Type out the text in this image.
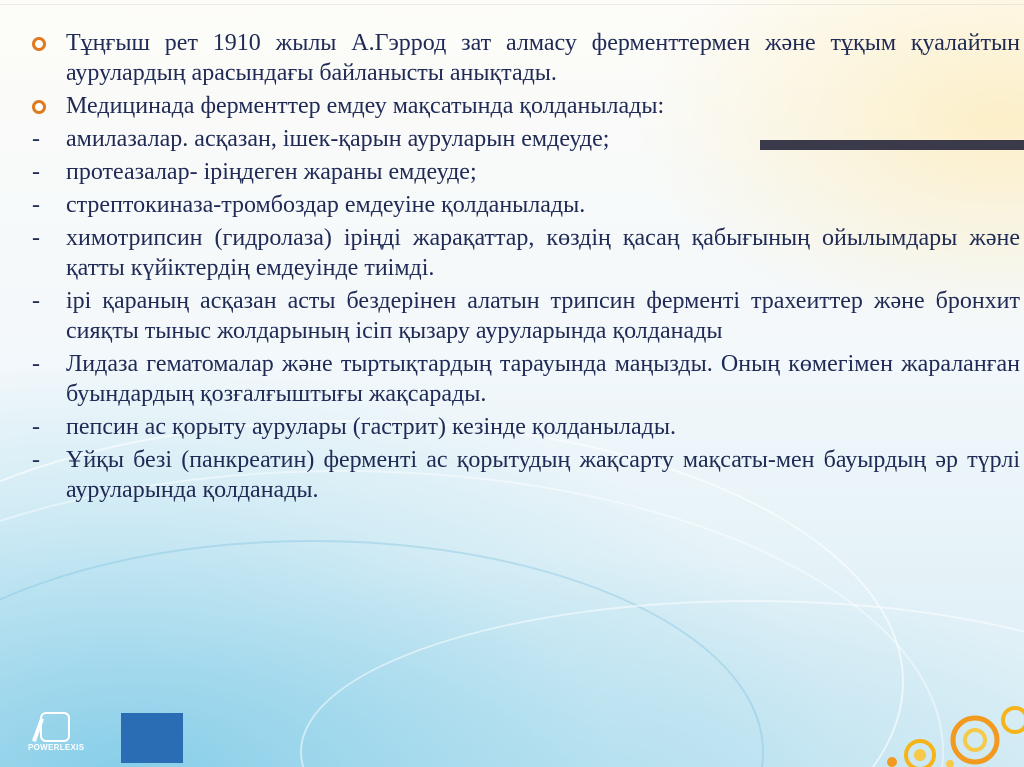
Тұңғыш рет 1910 жылы А.Гэррод зат алмасу ферменттермен және тұқым қуалайтын аурулардың арасындағы байланысты анықтады.
Медицинада ферменттер емдеу мақсатында қолданылады:
- амилазалар. асқазан, ішек-қарын ауруларын емдеуде;
- протеазалар- іріңдеген жараны емдеуде;
- стрептокиназа-тромбоздар емдеуіне қолданылады.
- химотрипсин (гидролаза) іріңді жарақаттар, көздің қасаң қабығының ойылымдары және қатты күйіктердің емдеуінде тиімді.
- ірі қараның асқазан асты бездерінен алатын трипсин ферменті трахеиттер және бронхит сияқты тыныс жолдарының ісіп қызару ауруларында қолданады
- Лидаза гематомалар және тыртықтардың тарауында маңызды. Оның көмегімен жараланған буындардың қозғалғыштығы жақсарады.
- пепсин ас қорыту аурулары (гастрит) кезінде қолданылады.
- Ұйқы безі (панкреатин) ферменті ас қорытудың жақсарту мақсаты-мен бауырдың әр түрлі ауруларында қолданады.
POWERLEXIS
